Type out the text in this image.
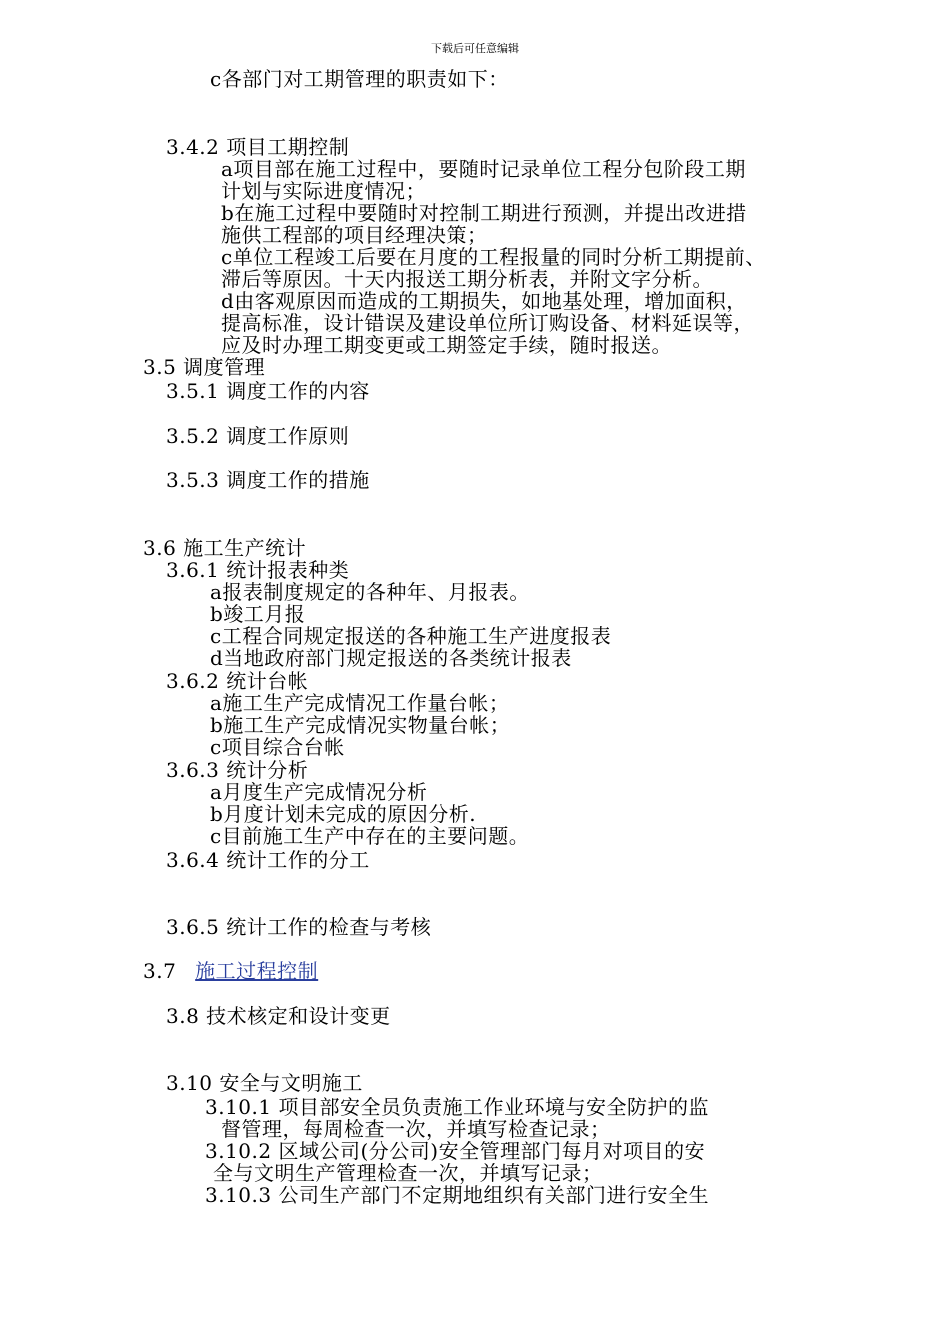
下载后可任意编辑
c各部门对工期管理的职责如下：
3.4.2 项目工期控制
a项目部在施工过程中，要随时记录单位工程分包阶段工期
计划与实际进度情况；
b在施工过程中要随时对控制工期进行预测，并提出改进措
施供工程部的项目经理决策；
c单位工程竣工后要在月度的工程报量的同时分析工期提前、
滞后等原因。十天内报送工期分析表，并附文字分析。
d由客观原因而造成的工期损失，如地基处理，增加面积，
提高标准，设计错误及建设单位所订购设备、材料延误等，
应及时办理工期变更或工期签定手续，随时报送。
3.5 调度管理
3.5.1 调度工作的内容
3.5.2 调度工作原则
3.5.3 调度工作的措施
3.6 施工生产统计
3.6.1 统计报表种类
a报表制度规定的各种年、月报表。
b竣工月报
c工程合同规定报送的各种施工生产进度报表
d当地政府部门规定报送的各类统计报表
3.6.2 统计台帐
a施工生产完成情况工作量台帐；
b施工生产完成情况实物量台帐；
c项目综合台帐
3.6.3 统计分析
a月度生产完成情况分析
b月度计划未完成的原因分析.
c目前施工生产中存在的主要问题。
3.6.4 统计工作的分工
3.6.5 统计工作的检查与考核
3.7 施工过程控制
3.8 技术核定和设计变更
3.10 安全与文明施工
3.10.1 项目部安全员负责施工作业环境与安全防护的监
督管理，每周检查一次，并填写检查记录；
3.10.2 区域公司(分公司)安全管理部门每月对项目的安
全与文明生产管理检查一次，并填写记录；
3.10.3 公司生产部门不定期地组织有关部门进行安全生
